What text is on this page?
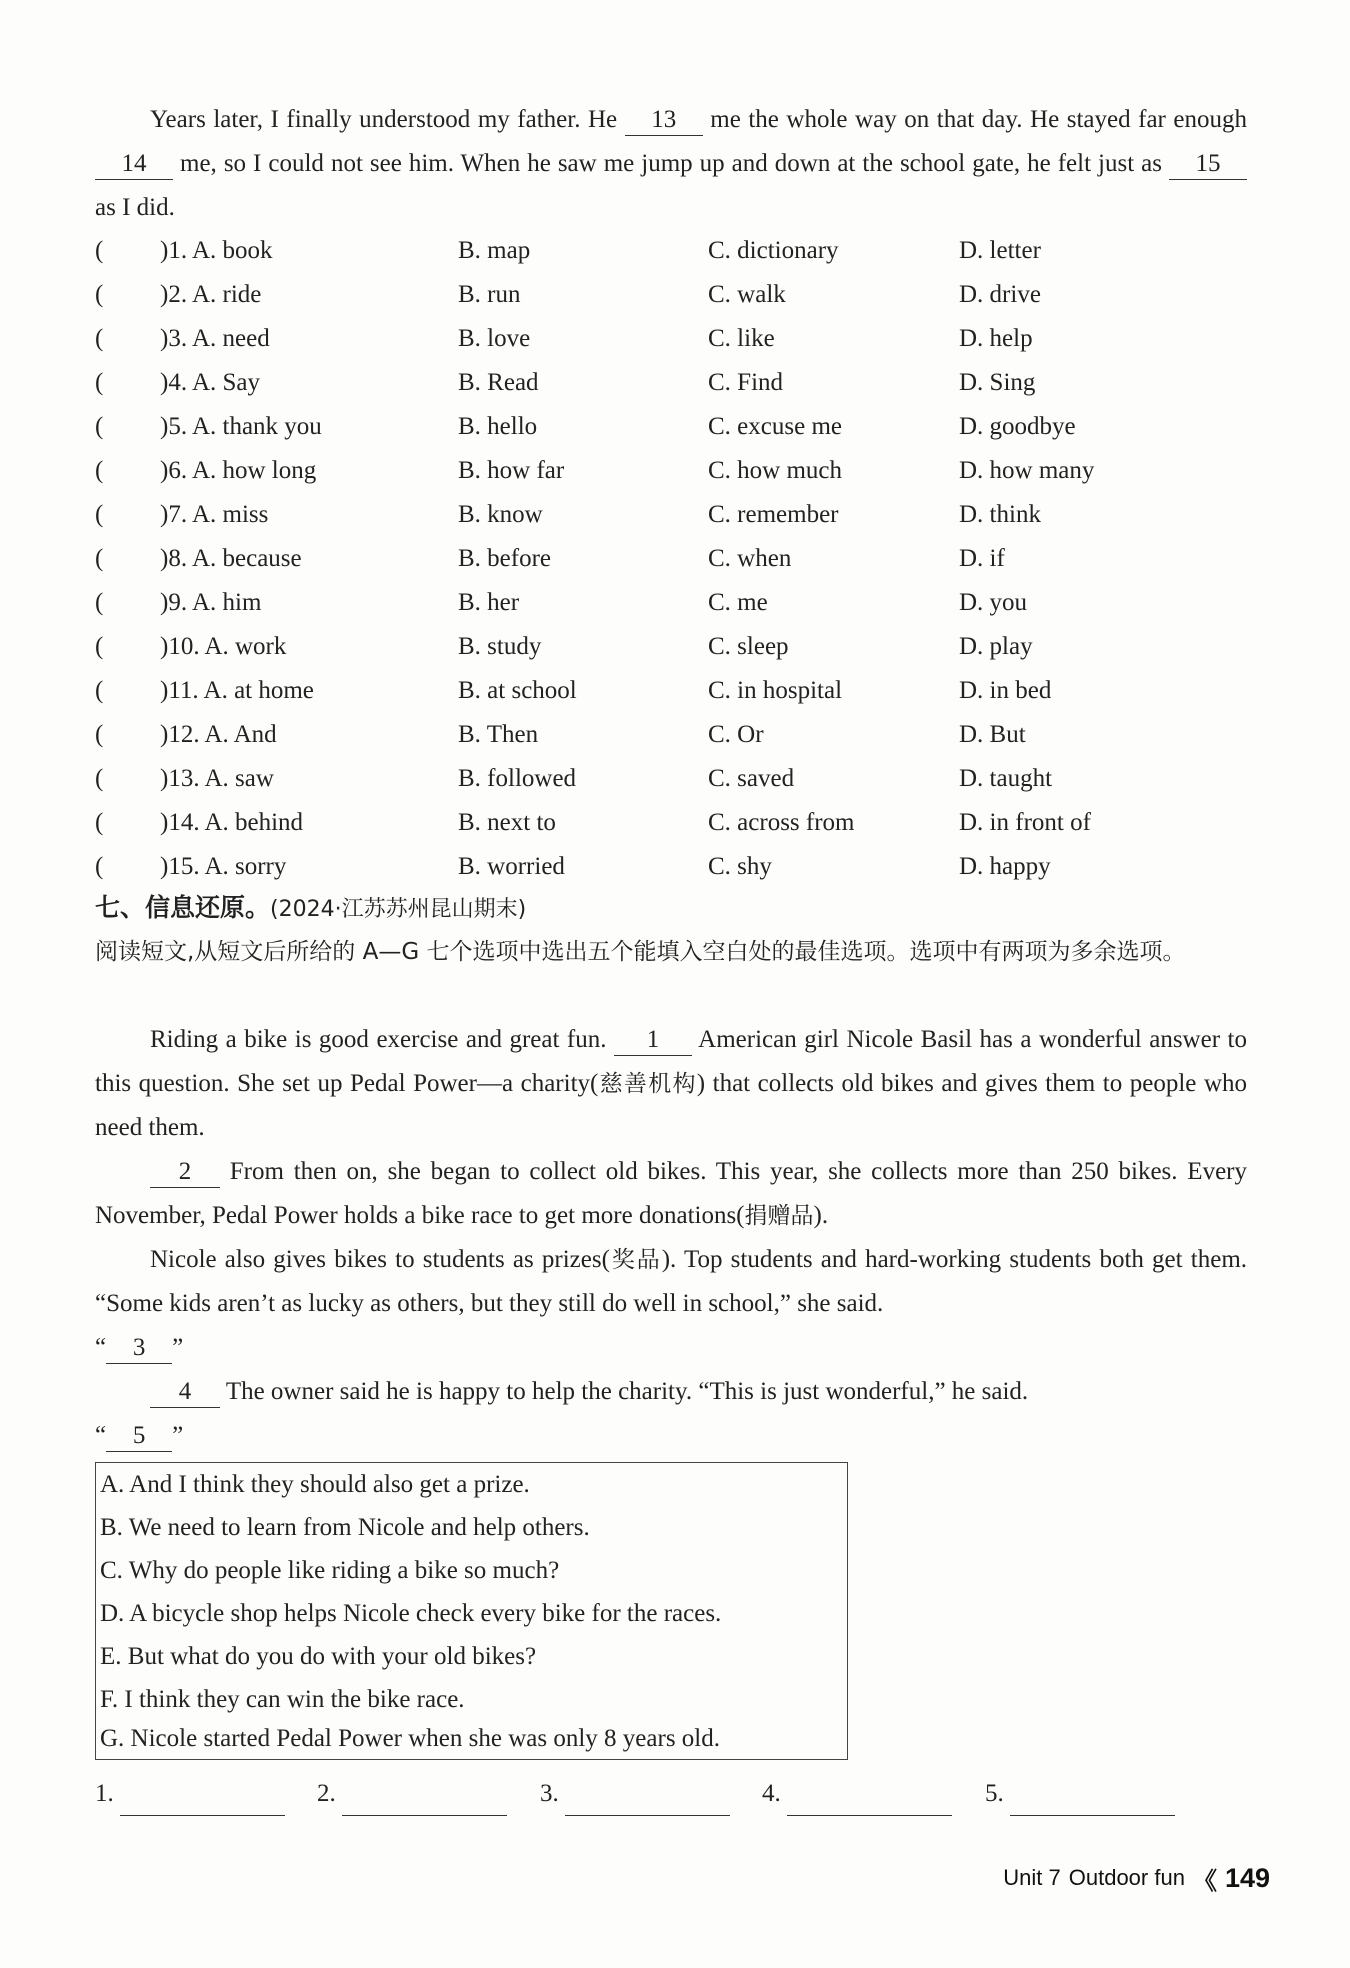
Years later, I finally understood my father. He 13 me the whole way on that day. He stayed far enough 14 me, so I could not see him. When he saw me jump up and down at the school gate, he felt just as 15 as I did.
( )1. A. book	B. map	C. dictionary	D. letter
( )2. A. ride	B. run	C. walk	D. drive
( )3. A. need	B. love	C. like	D. help
( )4. A. Say	B. Read	C. Find	D. Sing
( )5. A. thank you	B. hello	C. excuse me	D. goodbye
( )6. A. how long	B. how far	C. how much	D. how many
( )7. A. miss	B. know	C. remember	D. think
( )8. A. because	B. before	C. when	D. if
( )9. A. him	B. her	C. me	D. you
( )10. A. work	B. study	C. sleep	D. play
( )11. A. at home	B. at school	C. in hospital	D. in bed
( )12. A. And	B. Then	C. Or	D. But
( )13. A. saw	B. followed	C. saved	D. taught
( )14. A. behind	B. next to	C. across from	D. in front of
( )15. A. sorry	B. worried	C. shy	D. happy
七、信息还原。(2024·江苏苏州昆山期末)
阅读短文,从短文后所给的 A—G 七个选项中选出五个能填入空白处的最佳选项。选项中有两项为多余选项。
Riding a bike is good exercise and great fun. 1 American girl Nicole Basil has a wonderful answer to this question. She set up Pedal Power—a charity(慈善机构) that collects old bikes and gives them to people who need them.
2 From then on, she began to collect old bikes. This year, she collects more than 250 bikes. Every November, Pedal Power holds a bike race to get more donations(捐赠品).
Nicole also gives bikes to students as prizes(奖品). Top students and hard-working students both get them. “Some kids aren’t as lucky as others, but they still do well in school,” she said.
“ 3 ”
4 The owner said he is happy to help the charity. “This is just wonderful,” he said.
“ 5 ”
A. And I think they should also get a prize.
B. We need to learn from Nicole and help others.
C. Why do people like riding a bike so much?
D. A bicycle shop helps Nicole check every bike for the races.
E. But what do you do with your old bikes?
F. I think they can win the bike race.
G. Nicole started Pedal Power when she was only 8 years old.
1.	2.	3.	4.	5.
Unit 7 Outdoor fun 《 149
